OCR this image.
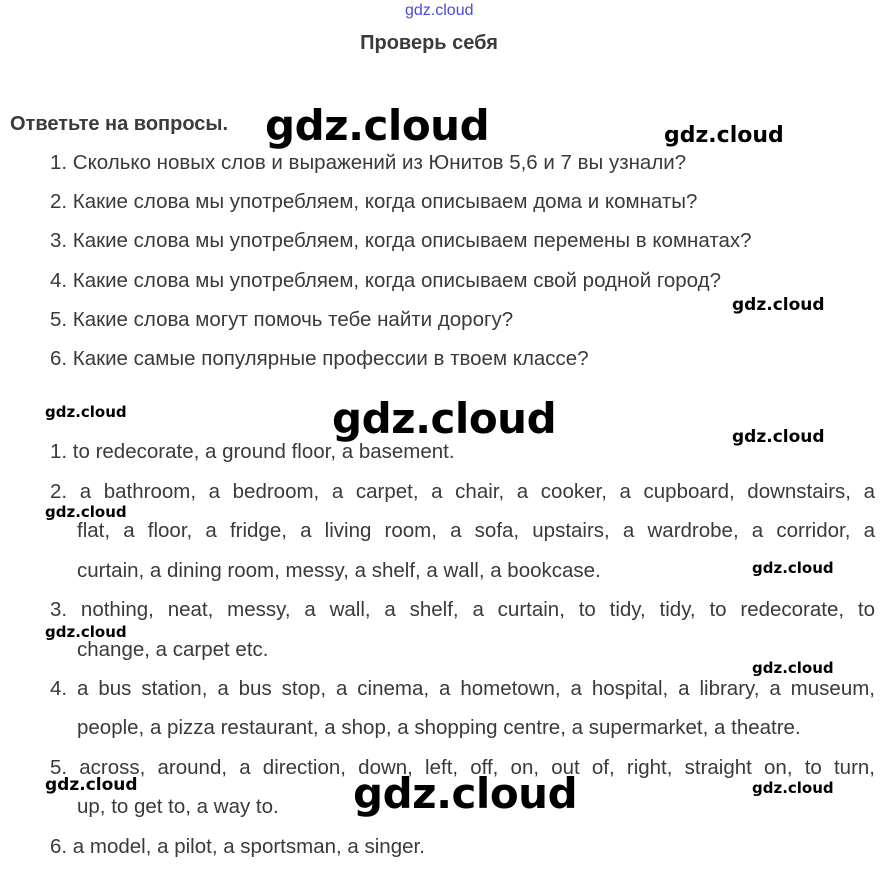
gdz.cloud
Проверь себя
Ответьте на вопросы.
1. Сколько новых слов и выражений из Юнитов 5,6 и 7 вы узнали?
2. Какие слова мы употребляем, когда описываем дома и комнаты?
3. Какие слова мы употребляем, когда описываем перемены в комнатах?
4. Какие слова мы употребляем, когда описываем свой родной город?
5. Какие слова могут помочь тебе найти дорогу?
6. Какие самые популярные профессии в твоем классе?
1. to redecorate, a ground floor, a basement.
2. a bathroom, a bedroom, a carpet, a chair, a cooker, a cupboard, downstairs, a
flat, a floor, a fridge, a living room, a sofa, upstairs, a wardrobe, a corridor, a
curtain, a dining room, messy, a shelf, a wall, a bookcase.
3. nothing, neat, messy, a wall, a shelf, a curtain, to tidy, tidy, to redecorate, to
change, a carpet etc.
4. a bus station, a bus stop, a cinema, a hometown, a hospital, a library, a museum,
people, a pizza restaurant, a shop, a shopping centre, a supermarket, a theatre.
5. across, around, a direction, down, left, off, on, out of, right, straight on, to turn,
up, to get to, a way to.
6. a model, a pilot, a sportsman, a singer.
gdz.cloud	gdz.cloud
gdz.cloud
gdz.cloud	gdz.cloud	gdz.cloud
gdz.cloud
gdz.cloud
gdz.cloud
gdz.cloud
gdz.cloud	gdz.cloud	gdz.cloud
